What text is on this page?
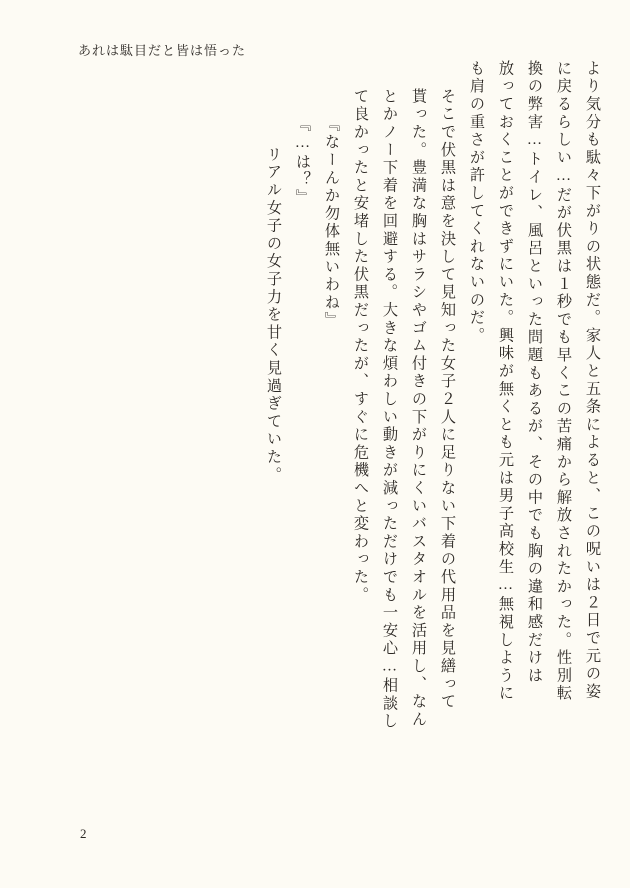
あれは駄目だと皆は悟った
より気分も駄々下がりの状態だ。家人と五条によると、この呪いは２日で元の姿
に戻るらしい…だが伏黒は１秒でも早くこの苦痛から解放されたかった。性別転
換の弊害…トイレ、風呂といった問題もあるが、その中でも胸の違和感だけは
放っておくことができずにいた。興味が無くとも元は男子高校生…無視しように
も肩の重さが許してくれないのだ。
そこで伏黒は意を決して見知った女子２人に足りない下着の代用品を見繕って
貰った。豊満な胸はサラシやゴム付きの下がりにくいバスタオルを活用し、なん
とかノー下着を回避する。大きな煩わしい動きが減っただけでも一安心…相談し
て良かったと安堵した伏黒だったが、すぐに危機へと変わった。
『なーんか勿体無いわね』
『…は？』
リアル女子の女子力を甘く見過ぎていた。
2
